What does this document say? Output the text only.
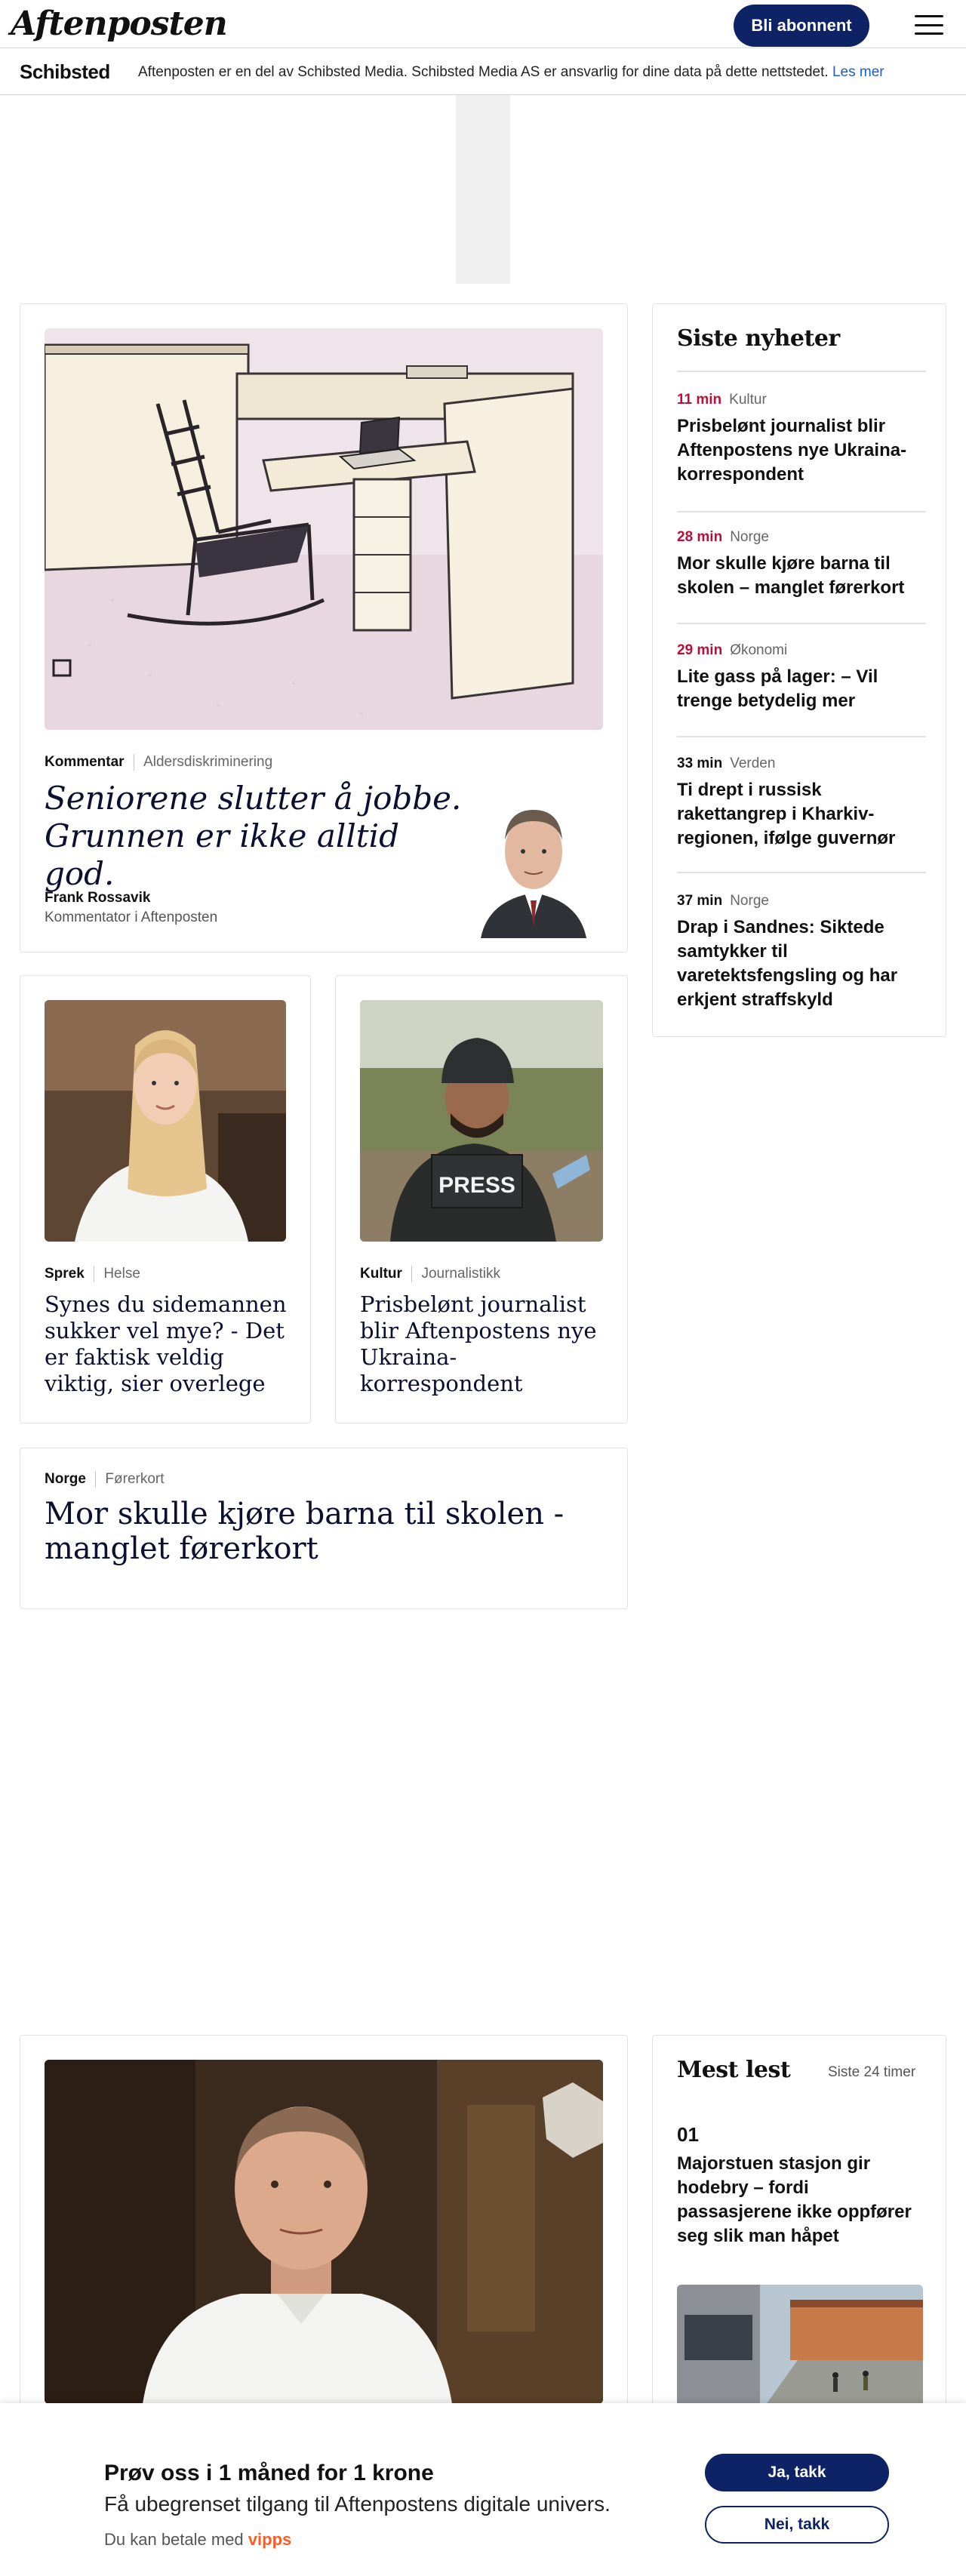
Aftenposten	Bli abonnent
Schibsted Aftenposten er en del av Schibsted Media. Schibsted Media AS er ansvarlig for dine data på dette nettstedet. Les mer
Kommentar Aldersdiskriminering
Seniorene slutter å jobbe.
Grunnen er ikke alltid god.
Frank Rossavik
Kommentator i Aftenposten
Sprek Helse
Synes du sidemannen sukker vel mye? - Det er faktisk veldig viktig, sier overlege
PRESS
Kultur Journalistikk
Prisbelønt journalist blir Aftenpostens nye Ukraina-korrespondent
Norge Førerkort
Mor skulle kjøre barna til skolen - manglet førerkort
Siste nyheter
11 min Kultur
Prisbelønt journalist blir Aftenpostens nye Ukraina-korrespondent
28 min Norge
Mor skulle kjøre barna til skolen – manglet førerkort
29 min Økonomi
Lite gass på lager: – Vil trenge betydelig mer
33 min Verden
Ti drept i russisk rakettangrep i Kharkiv-regionen, ifølge guvernør
37 min Norge
Drap i Sandnes: Siktede samtykker til varetektsfengsling og har erkjent straffskyld
Mest lest	Siste 24 timer
01
Majorstuen stasjon gir hodebry – fordi passasjerene ikke oppfører seg slik man håpet
Prøv oss i 1 måned for 1 krone
Få ubegrenset tilgang til Aftenpostens digitale univers.
Du kan betale med vipps
Ja, takk
Nei, takk
